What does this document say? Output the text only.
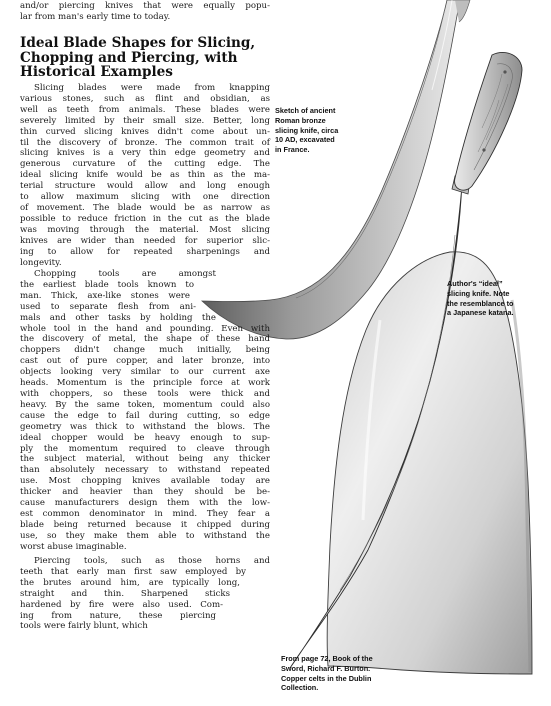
and/or piercing knives that were equally popu-
lar from man's early time to today.
Ideal Blade Shapes for Slicing,
Chopping and Piercing, with
Historical Examples
Slicing blades were made from knapping
various stones, such as flint and obsidian, as
well as teeth from animals. These blades were
severely limited by their small size. Better, long
thin curved slicing knives didn't come about un-
til the discovery of bronze. The common trait of
slicing knives is a very thin edge geometry and
generous curvature of the cutting edge. The
ideal slicing knife would be as thin as the ma-
terial structure would allow and long enough
to allow maximum slicing with one direction
of movement. The blade would be as narrow as
possible to reduce friction in the cut as the blade
was moving through the material. Most slicing
knives are wider than needed for superior slic-
ing to allow for repeated sharpenings and
longevity.
Chopping tools are amongst
the earliest blade tools known to
man. Thick, axe-like stones were
used to separate flesh from ani-
mals and other tasks by holding the
whole tool in the hand and pounding. Even with
the discovery of metal, the shape of these hand
choppers didn't change much initially, being
cast out of pure copper, and later bronze, into
objects looking very similar to our current axe
heads. Momentum is the principle force at work
with choppers, so these tools were thick and
heavy. By the same token, momentum could also
cause the edge to fail during cutting, so edge
geometry was thick to withstand the blows. The
ideal chopper would be heavy enough to sup-
ply the momentum required to cleave through
the subject material, without being any thicker
than absolutely necessary to withstand repeated
use. Most chopping knives available today are
thicker and heavier than they should be be-
cause manufacturers design them with the low-
est common denominator in mind. They fear a
blade being returned because it chipped during
use, so they make them able to withstand the
worst abuse imaginable.
Piercing tools, such as those horns and
teeth that early man first saw employed by
the brutes around him, are typically long,
straight and thin. Sharpened sticks
hardened by fire were also used. Com-
ing from nature, these piercing
tools were fairly blunt, which
Sketch of ancient
Roman bronze
slicing knife, circa
10 AD, excavated
in France.
Author's “ideal”
slicing knife. Note
the resemblance to
a Japanese katana.
From page 72, Book of the
Sword, Richard F. Burton.
Copper celts in the Dublin
Collection.
